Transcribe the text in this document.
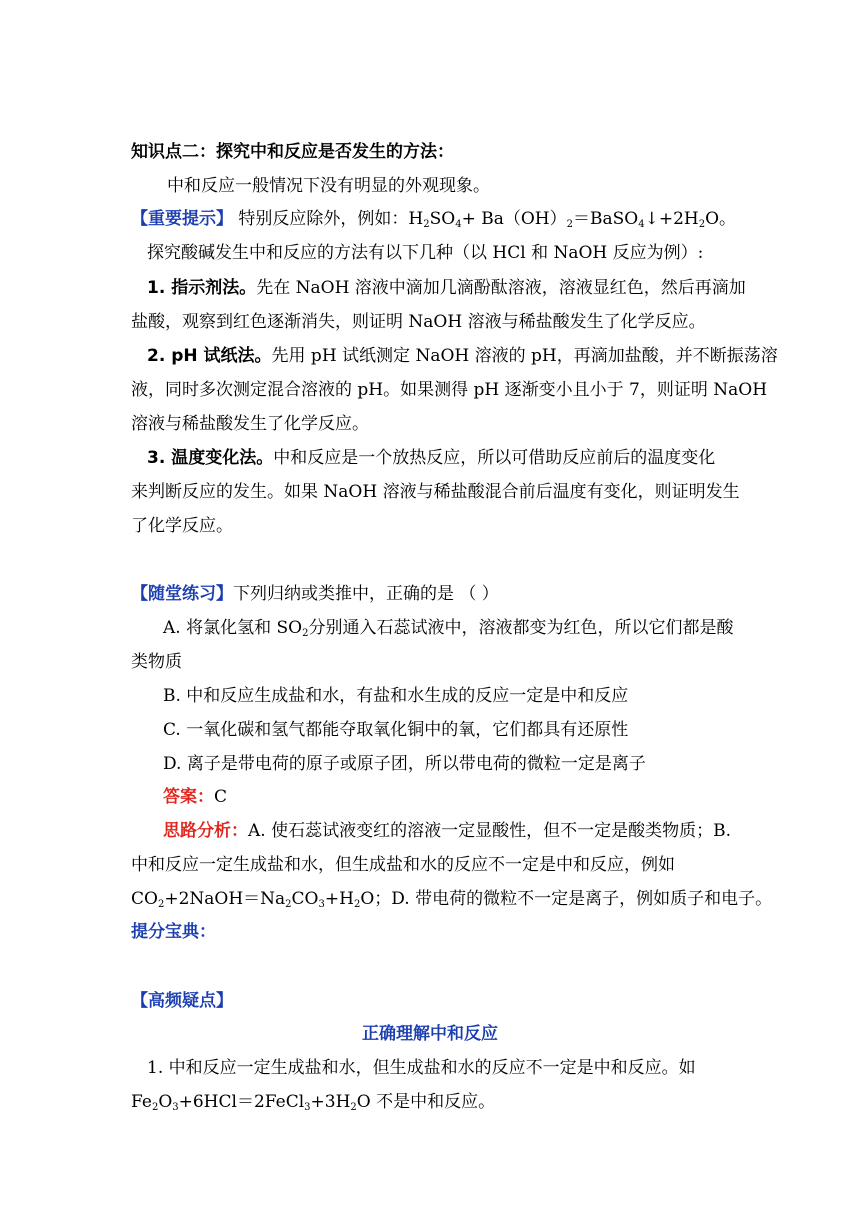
知识点二：探究中和反应是否发生的方法：
中和反应一般情况下没有明显的外观现象。
【重要提示】 特别反应除外，例如：$H_2SO_4+$ $Ba(OH)_2=BaSO_4↓+2H_2O$。
探究酸碱发生中和反应的方法有以下几种（以 HCl 和 NaOH 反应为例）:
1. 指示剂法。先在 NaOH 溶液中滴加几滴酚酞溶液，溶液显红色，然后再滴加
盐酸，观察到红色逐渐消失，则证明 NaOH 溶液与稀盐酸发生了化学反应。
2. pH 试纸法。先用 pH 试纸测定 NaOH 溶液的 pH，再滴加盐酸，并不断振荡溶
液，同时多次测定混合溶液的 pH。如果测得 pH 逐渐变小且小于 7，则证明 NaOH
溶液与稀盐酸发生了化学反应。
3. 温度变化法。中和反应是一个放热反应，所以可借助反应前后的温度变化
来判断反应的发生。如果 NaOH 溶液与稀盐酸混合前后温度有变化，则证明发生
了化学反应。
【随堂练习】下列归纳或类推中，正确的是 （ ）
A. 将氯化氢和 $SO_2$分别通入石蕊试液中，溶液都变为红色，所以它们都是酸
类物质
B. 中和反应生成盐和水，有盐和水生成的反应一定是中和反应
C. 一氧化碳和氢气都能夺取氧化铜中的氧，它们都具有还原性
D. 离子是带电荷的原子或原子团，所以带电荷的微粒一定是离子
答案：C
思路分析：A. 使石蕊试液变红的溶液一定显酸性，但不一定是酸类物质；B.
中和反应一定生成盐和水，但生成盐和水的反应不一定是中和反应，例如
$CO_2+2NaOH=Na_2CO_3+H_2O$；D. 带电荷的微粒不一定是离子，例如质子和电子。
提分宝典：
【高频疑点】
正确理解中和反应
1. 中和反应一定生成盐和水，但生成盐和水的反应不一定是中和反应。如
$Fe_2O_3+6HCl=2FeCl_3+3H_2O$ 不是中和反应。
